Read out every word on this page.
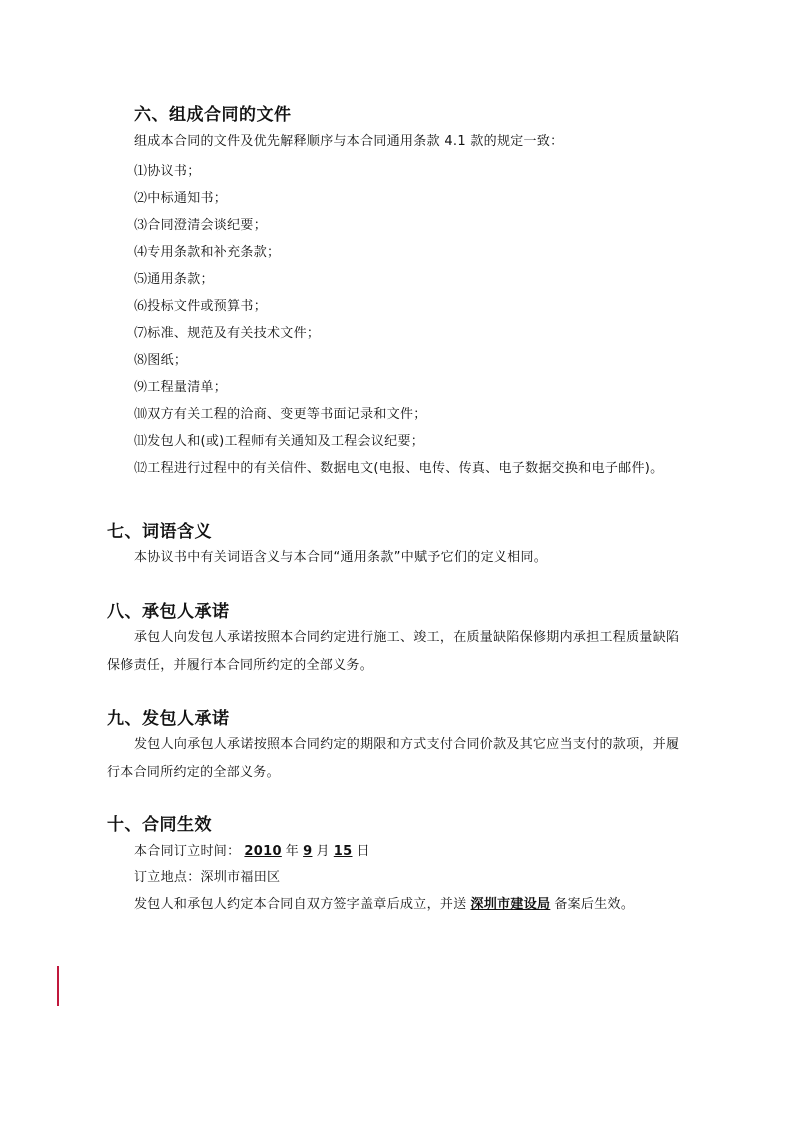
六、组成合同的文件
组成本合同的文件及优先解释顺序与本合同通用条款 4.1 款的规定一致：
⑴协议书；
⑵中标通知书；
⑶合同澄清会谈纪要；
⑷专用条款和补充条款；
⑸通用条款；
⑹投标文件或预算书；
⑺标准、规范及有关技术文件；
⑻图纸；
⑼工程量清单；
⑽双方有关工程的洽商、变更等书面记录和文件；
⑾发包人和(或)工程师有关通知及工程会议纪要；
⑿工程进行过程中的有关信件、数据电文(电报、电传、传真、电子数据交换和电子邮件)。
七、词语含义
本协议书中有关词语含义与本合同“通用条款”中赋予它们的定义相同。
八、承包人承诺
承包人向发包人承诺按照本合同约定进行施工、竣工，在质量缺陷保修期内承担工程质量缺陷
保修责任，并履行本合同所约定的全部义务。
九、发包人承诺
发包人向承包人承诺按照本合同约定的期限和方式支付合同价款及其它应当支付的款项，并履
行本合同所约定的全部义务。
十、合同生效
本合同订立时间： 2010 年 9 月 15 日
订立地点：深圳市福田区
发包人和承包人约定本合同自双方签字盖章后成立，并送 深圳市建设局 备案后生效。
